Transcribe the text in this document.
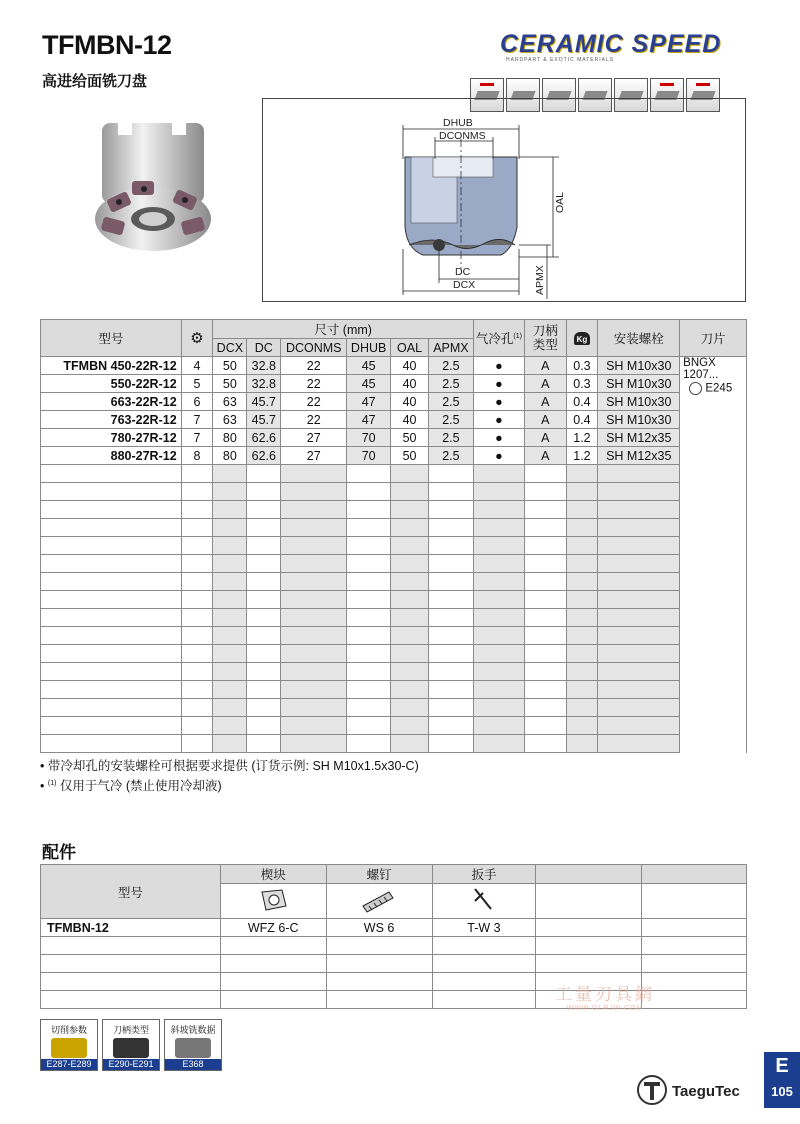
TFMBN-12
高进给面铣刀盘
CERAMIC SPEED
HARDPART & EXOTIC MATERIALS
DHUB
DCONMS
OAL
DC
DCX	APMX
型号	⚙	尺寸 (mm)						气冷孔$^{(1)}$	刀柄类型	Kg	安装螺栓	刀片
		DCX	DC	DCONMS	DHUB	OAL	APMX					
TFMBN 450-22R-12	4	50	32.8	22	45	40	2.5	●	A	0.3	SH M10x30	BNGX
1207...
E245

550-22R-12	5	50	32.8	22	45	40	2.5	●	A	0.3	SH M10x30	
663-22R-12	6	63	45.7	22	47	40	2.5	●	A	0.4	SH M10x30	
763-22R-12	7	63	45.7	22	47	40	2.5	●	A	0.4	SH M10x30	
780-27R-12	7	80	62.6	27	70	50	2.5	●	A	1.2	SH M12x35	
880-27R-12	8	80	62.6	27	70	50	2.5	●	A	1.2	SH M12x35	

• 带冷却孔的安装螺栓可根据要求提供 (订货示例: SH M10x1.5x30-C)
• $^{(1)}$ 仅用于气冷 (禁止使用冷却液)
配件
型号	楔块	螺钉	扳手		

TFMBN-12	WFZ 6-C	WS 6	T-W 3		

工量刃具網
WWW.GLRJW.COM
切削参数
E287-E289
刀柄类型
E290-E291
斜坡铣数据
E368
TaeguTec
E
105
